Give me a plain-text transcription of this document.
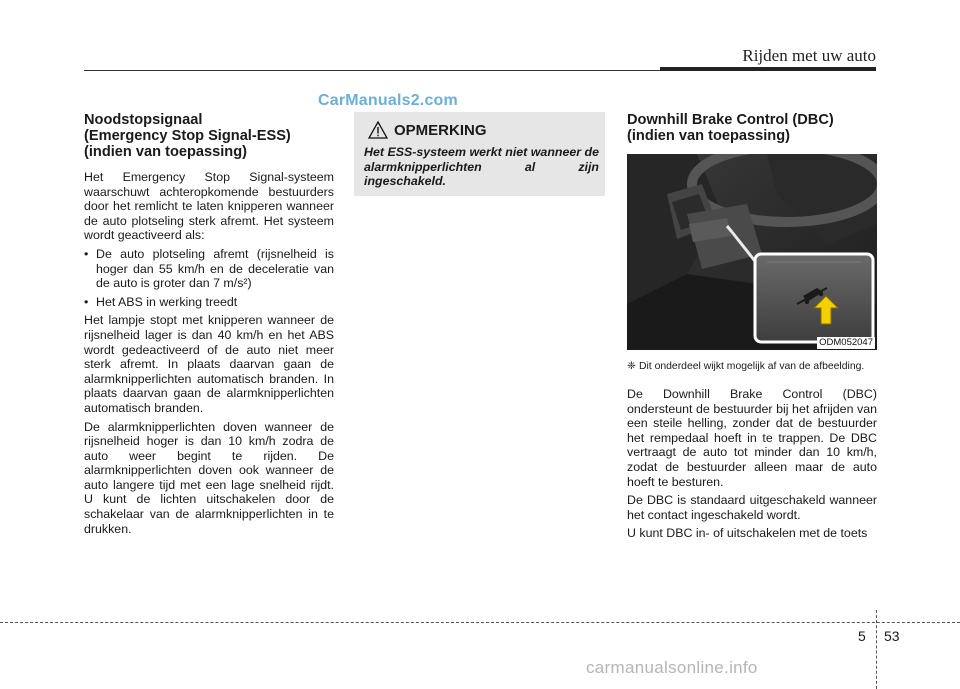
Rijden met uw auto
CarManuals2.com
Noodstopsignaal
(Emergency Stop Signal-ESS)
(indien van toepassing)

Het Emergency Stop Signal-systeem waarschuwt achteropkomende bestuurders door het remlicht te laten knipperen wanneer de auto plotseling sterk afremt. Het systeem wordt geactiveerd als:

• De auto plotseling afremt (rijsnelheid is hoger dan 55 km/h en de deceleratie van de auto is groter dan 7 m/s²)
• Het ABS in werking treedt

Het lampje stopt met knipperen wanneer de rijsnelheid lager is dan 40 km/h en het ABS wordt gedeactiveerd of de auto niet meer sterk afremt. In plaats daarvan gaan de alarmknipperlichten automatisch branden. In plaats daarvan gaan de alarmknipperlichten automatisch branden.

De alarmknipperlichten doven wanneer de rijsnelheid hoger is dan 10 km/h zodra de auto weer begint te rijden. De alarmknipperlichten doven ook wanneer de auto langere tijd met een lage snelheid rijdt. U kunt de lichten uitschakelen door de schakelaar van de alarmknipperlichten in te drukken.

OPMERKING
Het ESS-systeem werkt niet wanneer de alarmknipperlichten al zijn ingeschakeld.
Downhill Brake Control (DBC)
(indien van toepassing)
ODM052047
❈ Dit onderdeel wijkt mogelijk af van de afbeelding.

De Downhill Brake Control (DBC) ondersteunt de bestuurder bij het afrijden van een steile helling, zonder dat de bestuurder het rempedaal hoeft in te trappen. De DBC vertraagt de auto tot minder dan 10 km/h, zodat de bestuurder alleen maar de auto hoeft te besturen.

De DBC is standaard uitgeschakeld wanneer het contact ingeschakeld wordt.

U kunt DBC in- of uitschakelen met de toets

5 53
carmanualsonline.info
